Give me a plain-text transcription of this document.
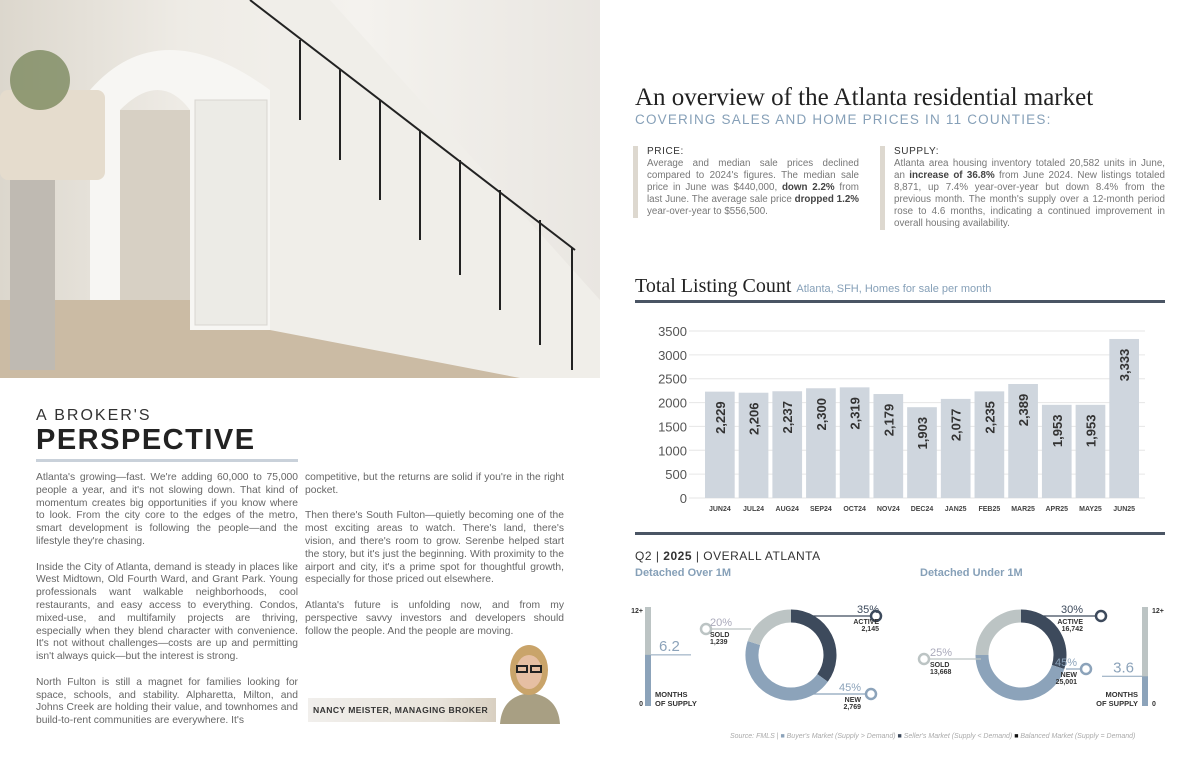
A BROKER'S
PERSPECTIVE

Atlanta's growing—fast. We're adding 60,000 to 75,000 people a year, and it's not slowing down. That kind of momentum creates big opportunities if you know where to look. From the city core to the edges of the metro, smart development is following the people—and the lifestyle they're chasing.

Inside the City of Atlanta, demand is steady in places like West Midtown, Old Fourth Ward, and Grant Park. Young professionals want walkable neighborhoods, cool restaurants, and easy access to everything. Condos, mixed-use, and multifamily projects are thriving, especially when they blend character with convenience. It's not without challenges—costs are up and permitting isn't always quick—but the interest is strong.

North Fulton is still a magnet for families looking for space, schools, and stability. Alpharetta, Milton, and Johns Creek are holding their value, and townhomes and build-to-rent communities are everywhere. It's

competitive, but the returns are solid if you're in the right pocket.

Then there's South Fulton—quietly becoming one of the most exciting areas to watch. There's land, there's vision, and there's room to grow. Serenbe helped start the story, but it's just the beginning. With proximity to the airport and city, it's a prime spot for thoughtful growth, especially for those priced out elsewhere.

Atlanta's future is unfolding now, and from my perspective savvy investors and developers should follow the people. And the people are moving.

NANCY MEISTER, MANAGING BROKER
An overview of the Atlanta residential market
COVERING SALES AND HOME PRICES IN 11 COUNTIES:
PRICE:
Average and median sale prices declined compared to 2024's figures. The median sale price in June was $440,000, down 2.2% from last June. The average sale price dropped 1.2% year-over-year to $556,500.
SUPPLY:
Atlanta area housing inventory totaled 20,582 units in June, an increase of 36.8% from June 2024. New listings totaled 8,871, up 7.4% year-over-year but down 8.4% from the previous month. The month's supply over a 12-month period rose to 4.6 months, indicating a continued improvement in overall housing availability.
Total Listing Count Atlanta, SFH, Homes for sale per month
0
500
1000
1500
2000
2500
3000
3500
2,229
JUN24
2,206
JUL24
2,237
AUG24
2,300
SEP24
2,319
OCT24
2,179
NOV24
1,903
DEC24
2,077
JAN25
2,235
FEB25
2,389
MAR25
1,953
APR25
1,953
MAY25
3,333
JUN25
Q2 | 2025 | OVERALL ATLANTA
Detached Over 1M	Detached Under 1M
12+
0
6.2
MONTHS
OF SUPPLY
35%
ACTIVE
2,145
45%
NEW
2,769
20%
SOLD
1,239
30%
ACTIVE
16,742
45%
NEW
25,001
25%
SOLD
13,668
12+
0
3.6
MONTHS
OF SUPPLY
Source: FMLS | ■ Buyer's Market (Supply > Demand) ■ Seller's Market (Supply < Demand) ■ Balanced Market (Supply = Demand)
